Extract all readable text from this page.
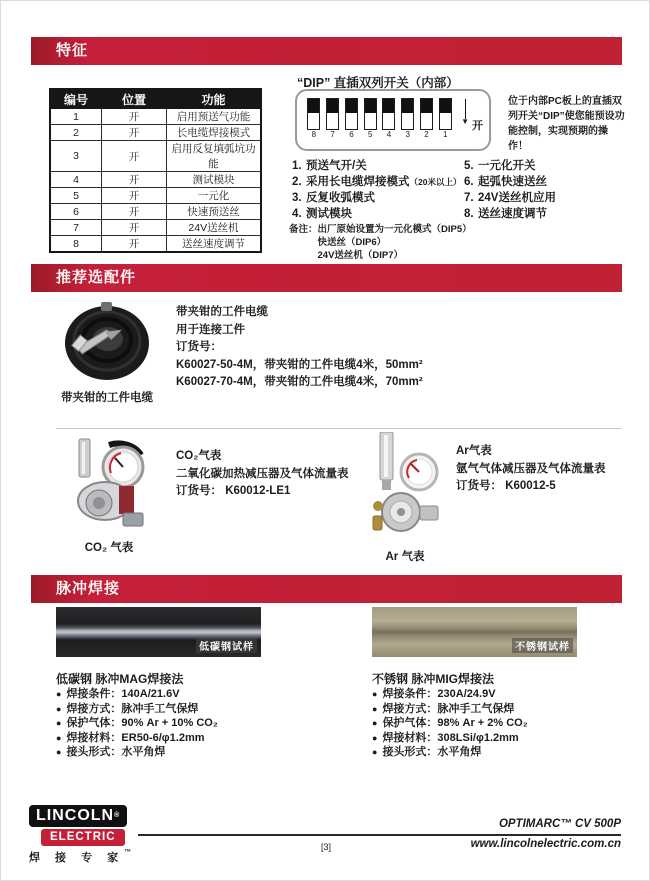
特征
编号	位置	功能
1	开	启用预送气功能
2	开	长电缆焊接模式
3	开	启用反复填弧坑功能
4	开	测试模块
5	开	一元化
6	开	快速预送丝
7	开	24V送丝机
8	开	送丝速度调节
“DIP” 直插双列开关（内部）
8 7 6 5 4 3 2 1
▼ 开
位于内部PC板上的直插双列开关“DIP”使您能预设功能控制，实现预期的操作！
1. 预送气开/关
2. 采用长电缆焊接模式（20米以上）
3. 反复收弧模式
4. 测试模块
5. 一元化开关
6. 起弧快速送丝
7. 24V送丝机应用
8. 送丝速度调节
备注： 出厂原始设置为一元化模式（DIP5）
快送丝（DIP6）
24V送丝机（DIP7）
推荐选配件
带夹钳的工件电缆
带夹钳的工件电缆
用于连接工件
订货号：
K60027-50-4M，带夹钳的工件电缆4米，50mm²
K60027-70-4M，带夹钳的工件电缆4米，70mm²
CO₂ 气表
CO₂气表
二氧化碳加热减压器及气体流量表
订货号： K60012-LE1
Ar 气表
Ar气表
氩气气体减压器及气体流量表
订货号： K60012-5
脉冲焊接
低碳钢试样
低碳钢 脉冲MAG焊接法
● 焊接条件：140A/21.6V
● 焊接方式：脉冲手工气保焊
● 保护气体：90% Ar + 10% CO₂
● 焊接材料：ER50-6/φ1.2mm
● 接头形式：水平角焊
不锈钢试样
不锈钢 脉冲MIG焊接法
● 焊接条件：230A/24.9V
● 焊接方式：脉冲手工气保焊
● 保护气体：98% Ar + 2% CO₂
● 焊接材料：308LSi/φ1.2mm
● 接头形式：水平角焊
LINCOLN®
ELECTRIC
焊 接 专 家™
OPTIMARC™ CV 500P
www.lincolnelectric.com.cn
[3]
